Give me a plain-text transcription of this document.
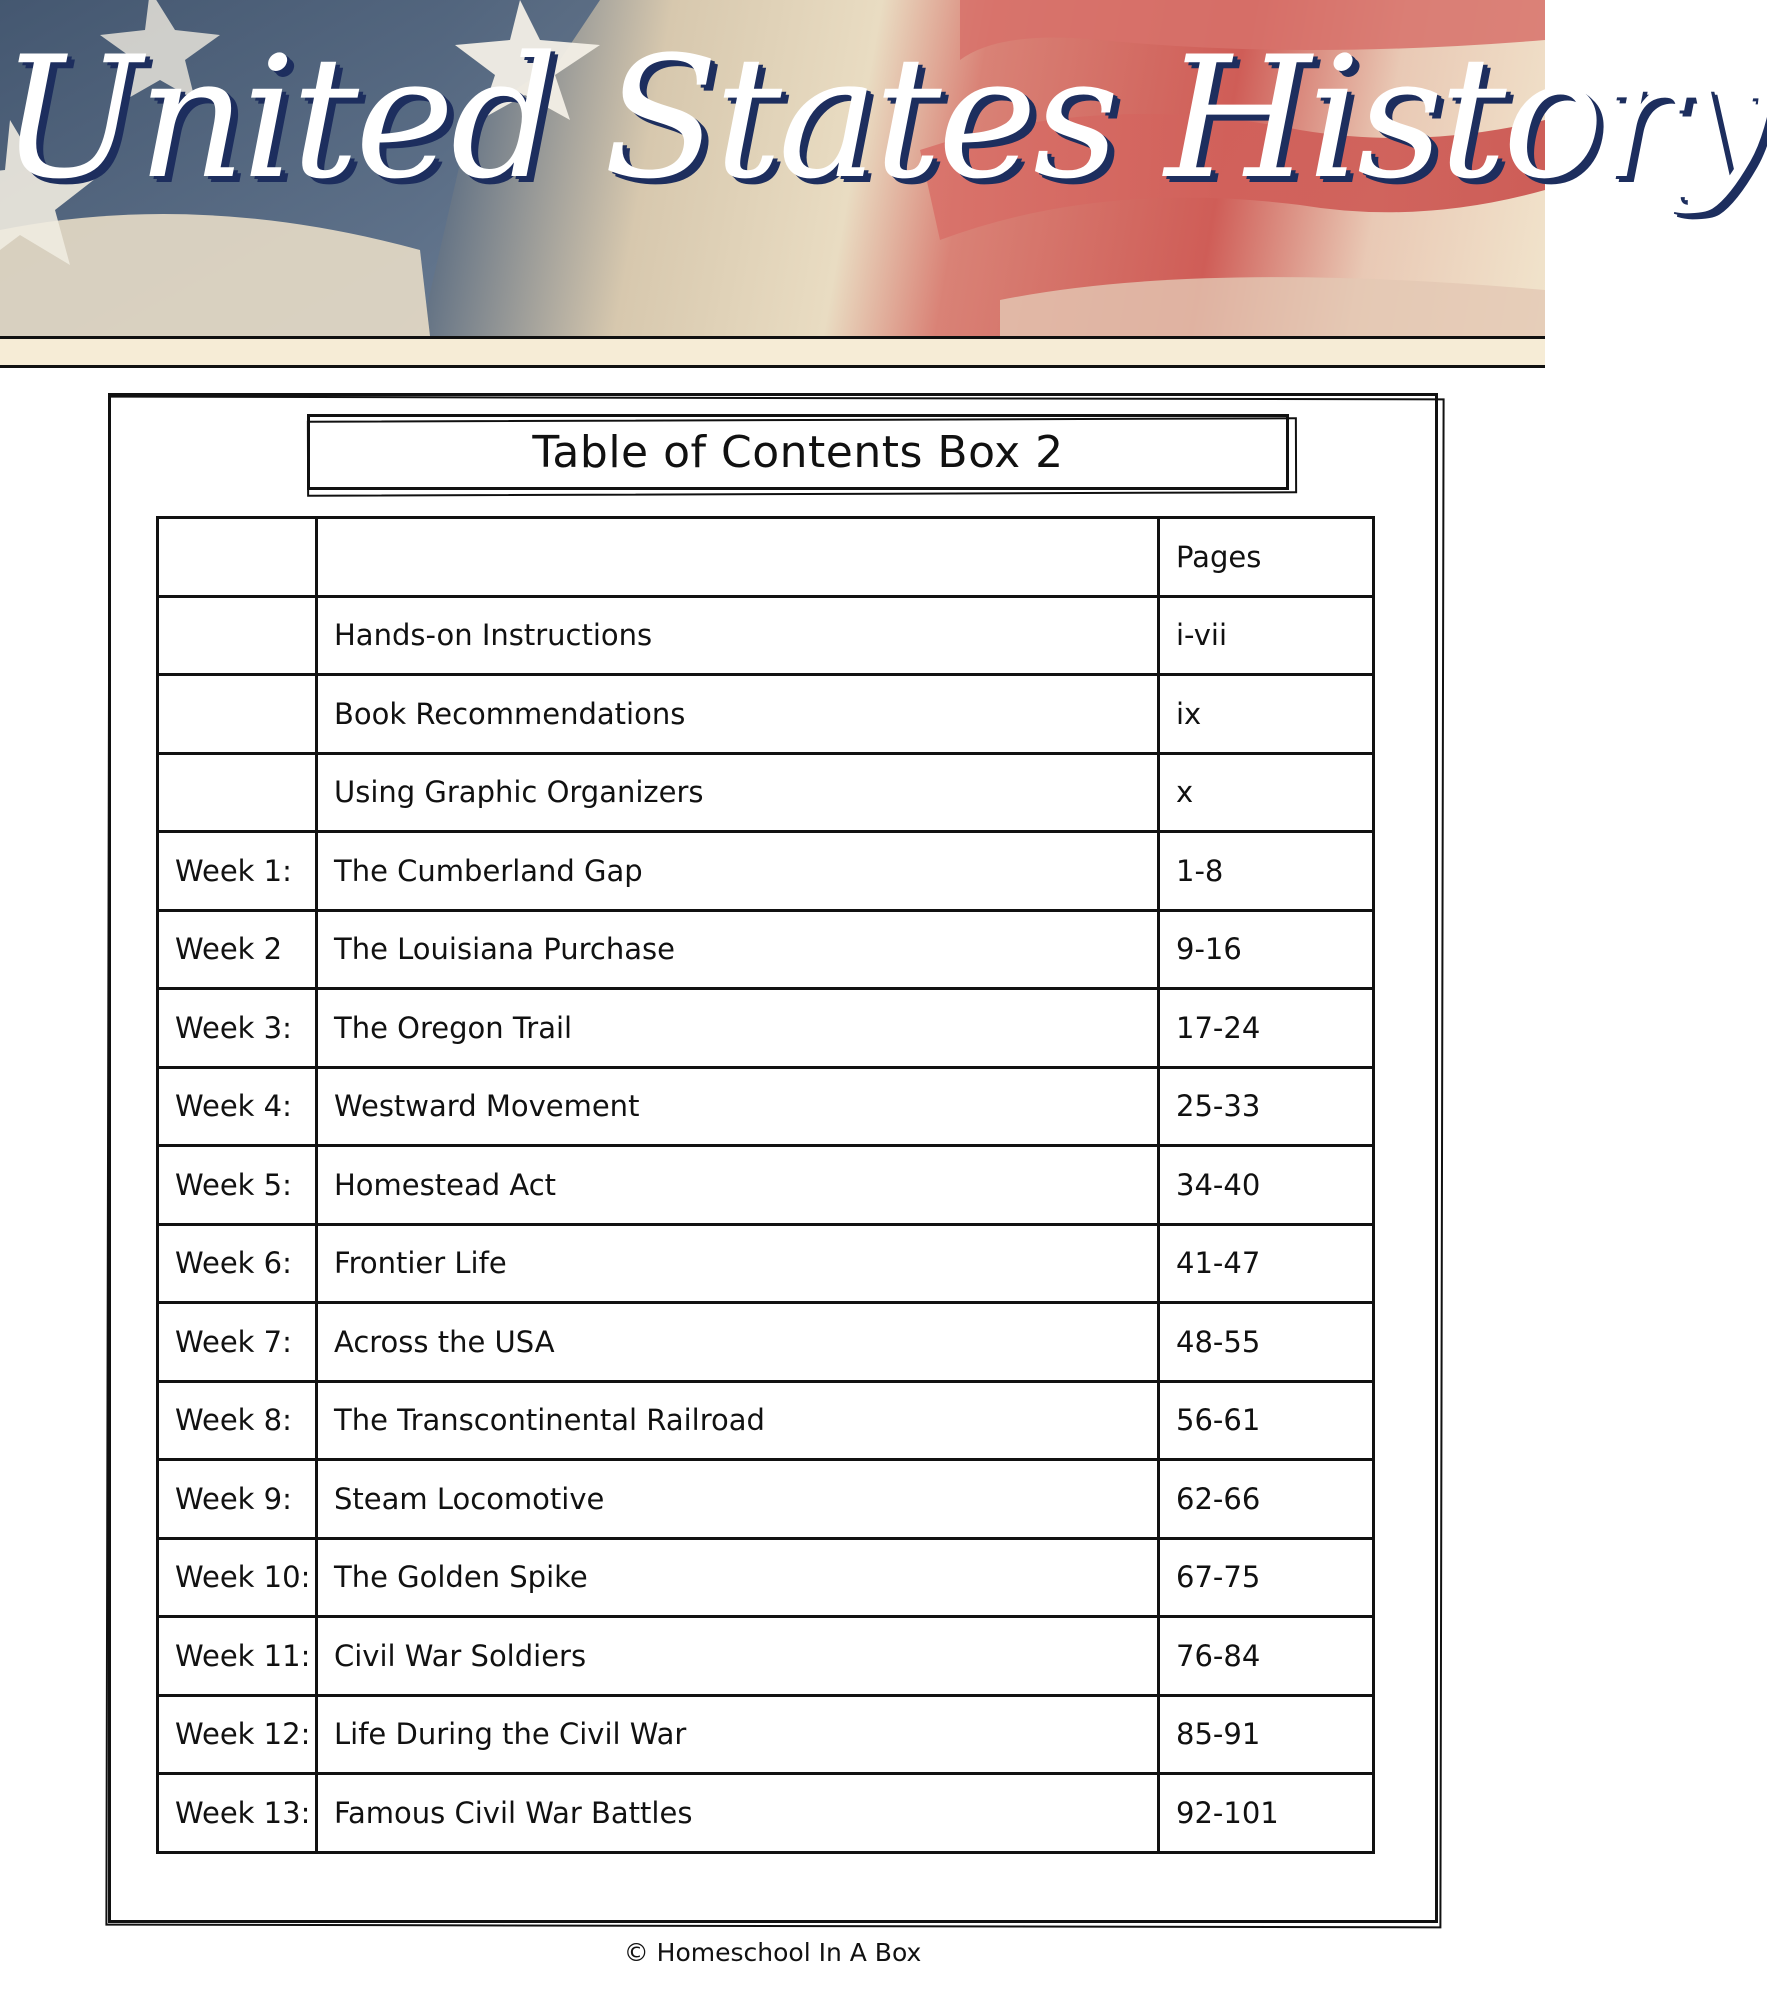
United States History
Table of Contents Box 2
		Pages
	Hands-on Instructions	i-vii
	Book Recommendations	ix
	Using Graphic Organizers	x
Week 1:	The Cumberland Gap	1-8
Week 2	The Louisiana Purchase	9-16
Week 3:	The Oregon Trail	17-24
Week 4:	Westward Movement	25-33
Week 5:	Homestead Act	34-40
Week 6:	Frontier Life	41-47
Week 7:	Across the USA	48-55
Week 8:	The Transcontinental Railroad	56-61
Week 9:	Steam Locomotive	62-66
Week 10:	The Golden Spike	67-75
Week 11:	Civil War Soldiers	76-84
Week 12:	Life During the Civil War	85-91
Week 13:	Famous Civil War Battles	92-101
© Homeschool In A Box
